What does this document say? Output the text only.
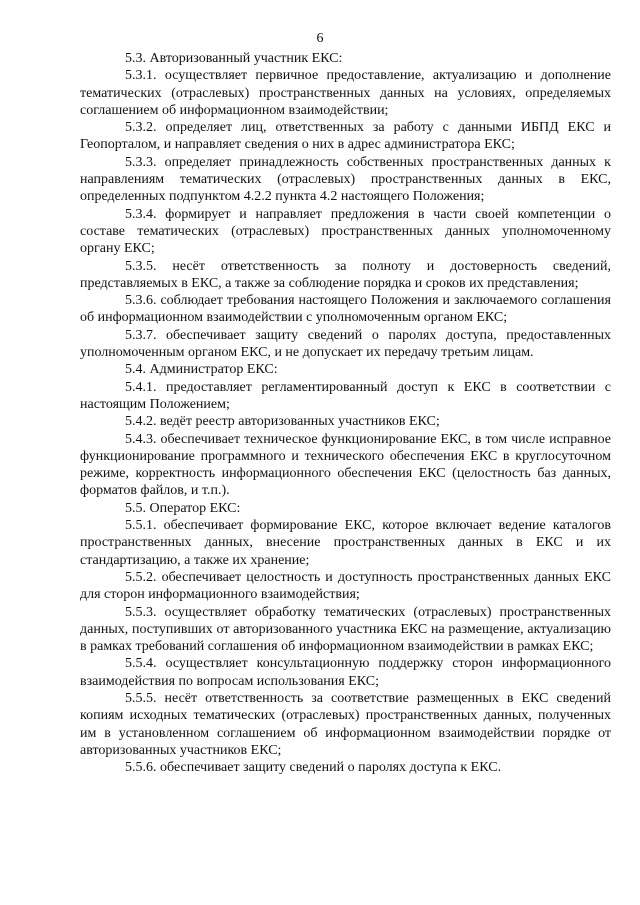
6

5.3. Авторизованный участник ЕКС:

5.3.1. осуществляет первичное предоставление, актуализацию и дополнение тематических (отраслевых) пространственных данных на условиях, определяемых соглашением об информационном взаимодействии;

5.3.2. определяет лиц, ответственных за работу с данными ИБПД ЕКС и Геопорталом, и направляет сведения о них в адрес администратора ЕКС;

5.3.3. определяет принадлежность собственных пространственных данных к направлениям тематических (отраслевых) пространственных данных в ЕКС, определенных подпунктом 4.2.2 пункта 4.2 настоящего Положения;

5.3.4. формирует и направляет предложения в части своей компетенции о составе тематических (отраслевых) пространственных данных уполномоченному органу ЕКС;

5.3.5. несёт ответственность за полноту и достоверность сведений, представляемых в ЕКС, а также за соблюдение порядка и сроков их представления;

5.3.6. соблюдает требования настоящего Положения и заключаемого соглашения об информационном взаимодействии с уполномоченным органом ЕКС;

5.3.7. обеспечивает защиту сведений о паролях доступа, предоставленных уполномоченным органом ЕКС, и не допускает их передачу третьим лицам.

5.4. Администратор ЕКС:

5.4.1. предоставляет регламентированный доступ к ЕКС в соответствии с настоящим Положением;

5.4.2. ведёт реестр авторизованных участников ЕКС;

5.4.3. обеспечивает техническое функционирование ЕКС, в том числе исправное функционирование программного и технического обеспечения ЕКС в круглосуточном режиме, корректность информационного обеспечения ЕКС (целостность баз данных, форматов файлов, и т.п.).

5.5. Оператор ЕКС:

5.5.1. обеспечивает формирование ЕКС, которое включает ведение каталогов пространственных данных, внесение пространственных данных в ЕКС и их стандартизацию, а также их хранение;

5.5.2. обеспечивает целостность и доступность пространственных данных ЕКС для сторон информационного взаимодействия;

5.5.3. осуществляет обработку тематических (отраслевых) пространственных данных, поступивших от авторизованного участника ЕКС на размещение, актуализацию в рамках требований соглашения об информационном взаимодействии в рамках ЕКС;

5.5.4. осуществляет консультационную поддержку сторон информационного взаимодействия по вопросам использования ЕКС;

5.5.5. несёт ответственность за соответствие размещенных в ЕКС сведений копиям исходных тематических (отраслевых) пространственных данных, полученных им в установленном соглашением об информационном взаимодействии порядке от авторизованных участников ЕКС;

5.5.6. обеспечивает защиту сведений о паролях доступа к ЕКС.
